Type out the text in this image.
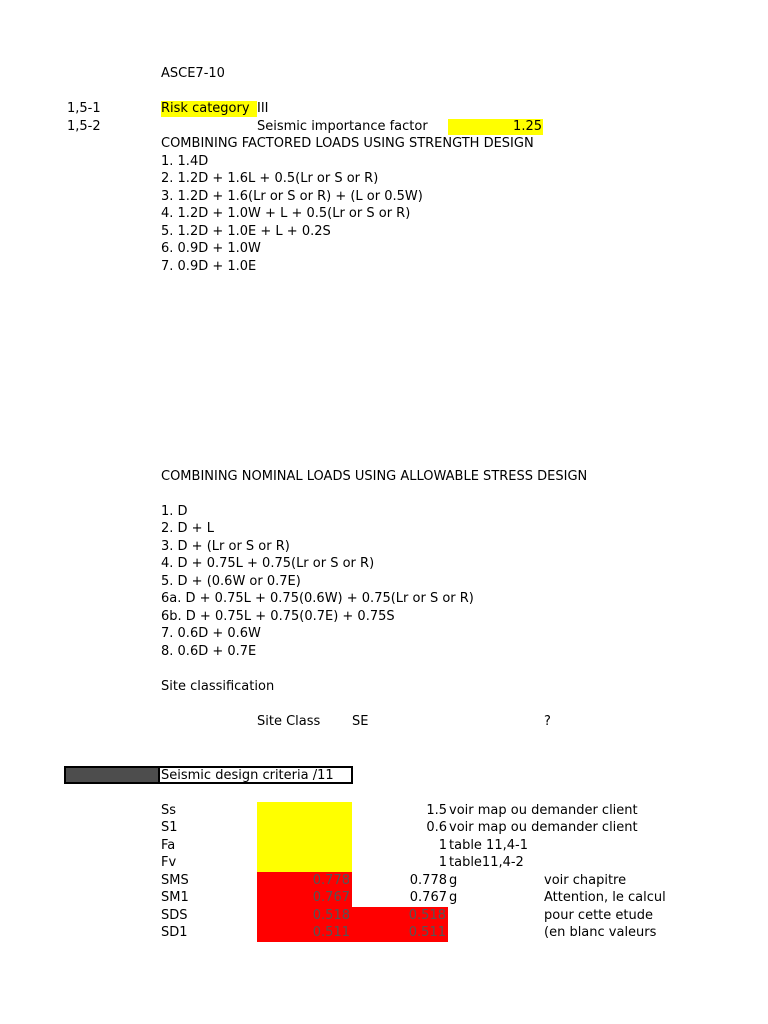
ASCE7-10
1,5-1	Risk category III
1,5-2	Seismic importance factor	1.25
COMBINING FACTORED LOADS USING STRENGTH DESIGN
1. 1.4D
2. 1.2D + 1.6L + 0.5(Lr or S or R)
3. 1.2D + 1.6(Lr or S or R) + (L or 0.5W)
4. 1.2D + 1.0W + L + 0.5(Lr or S or R)
5. 1.2D + 1.0E + L + 0.2S
6. 0.9D + 1.0W
7. 0.9D + 1.0E
COMBINING NOMINAL LOADS USING ALLOWABLE STRESS DESIGN
1. D
2. D + L
3. D + (Lr or S or R)
4. D + 0.75L + 0.75(Lr or S or R)
5. D + (0.6W or 0.7E)
6a. D + 0.75L + 0.75(0.6W) + 0.75(Lr or S or R)
6b. D + 0.75L + 0.75(0.7E) + 0.75S
7. 0.6D + 0.6W
8. 0.6D + 0.7E
Site classification
Site Class SE	?
Seismic design criteria /11
Ss	1.5 voir map ou demander client
S1	0.6 voir map ou demander client
Fa	1 table 11,4-1
Fv	1 table11,4-2
SMS	0.778	0.778 g	voir chapitre
SM1	0.767	0.767 g	Attention, le calcul
SDS	0.518	0.518	pour cette etude
SD1	0.511	0.511	(en blanc valeurs
